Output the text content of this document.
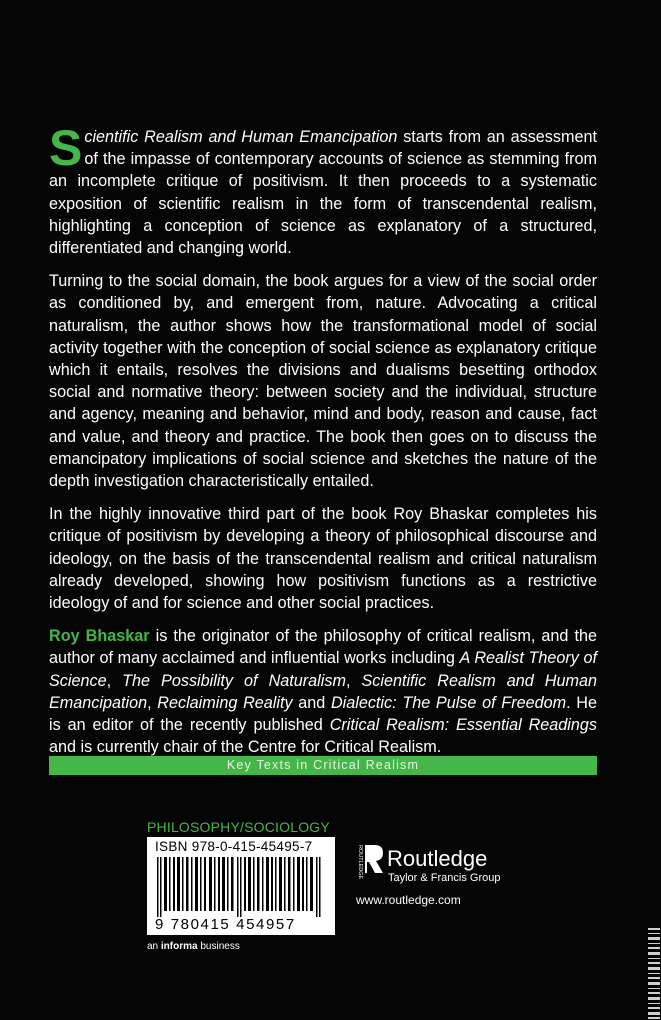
Scientific Realism and Human Emancipation starts from an assessment of the impasse of contemporary accounts of science as stemming from an incomplete critique of positivism. It then proceeds to a systematic exposition of scientific realism in the form of transcendental realism, highlighting a conception of science as explanatory of a structured, differentiated and changing world.

Turning to the social domain, the book argues for a view of the social order as conditioned by, and emergent from, nature. Advocating a critical naturalism, the author shows how the transformational model of social activity together with the conception of social science as explanatory critique which it entails, resolves the divisions and dualisms besetting orthodox social and normative theory: between society and the individual, structure and agency, meaning and behavior, mind and body, reason and cause, fact and value, and theory and practice. The book then goes on to discuss the emancipatory implications of social science and sketches the nature of the depth investigation characteristically entailed.

In the highly innovative third part of the book Roy Bhaskar completes his critique of positivism by developing a theory of philosophical discourse and ideology, on the basis of the transcendental realism and critical naturalism already developed, showing how positivism functions as a restrictive ideology of and for science and other social practices.

Roy Bhaskar is the originator of the philosophy of critical realism, and the author of many acclaimed and influential works including A Realist Theory of Science, The Possibility of Naturalism, Scientific Realism and Human Emancipation, Reclaiming Reality and Dialectic: The Pulse of Freedom. He is an editor of the recently published Critical Realism: Essential Readings and is currently chair of the Centre for Critical Realism.

Key Texts in Critical Realism
PHILOSOPHY/SOCIOLOGY
ISBN 978-0-415-45495-7
9 780415 454957
an informa business
ROUTLEDGE Routledge
Taylor & Francis Group
www.routledge.com
